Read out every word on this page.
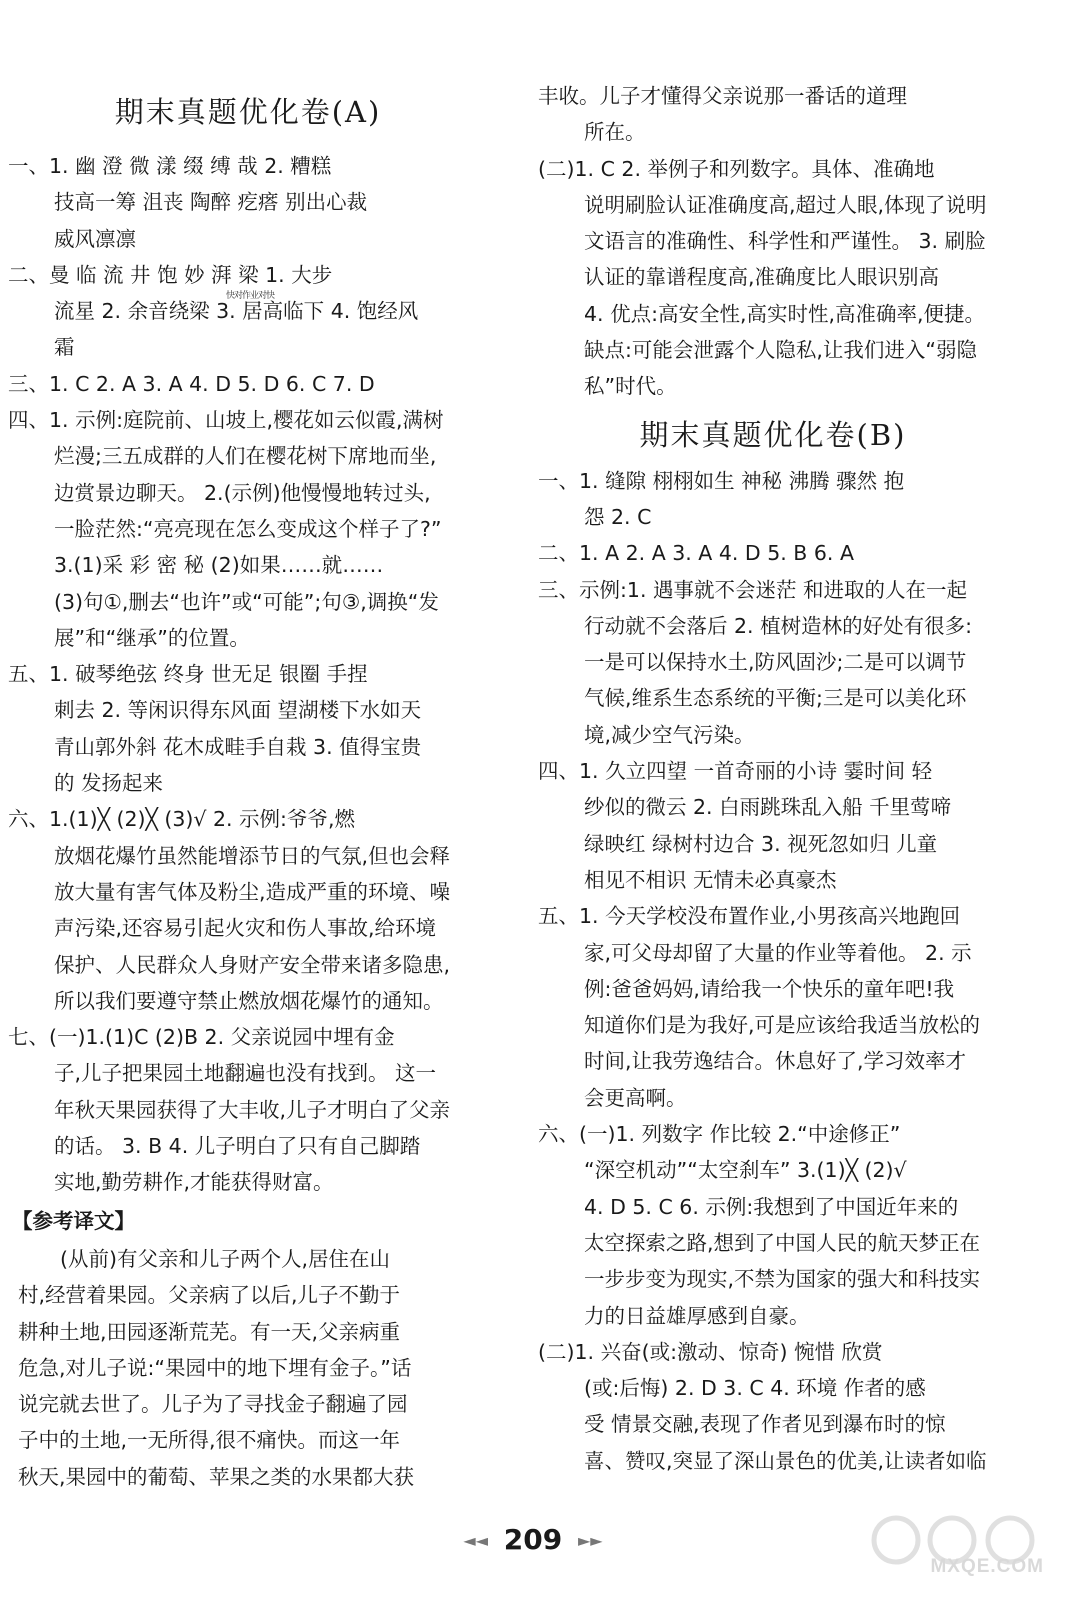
期末真题优化卷(A)
一、1. 幽 澄 微 漾 缀 缚 哉 2. 糟糕
技高一筹 沮丧 陶醉 疙瘩 别出心裁
威风凛凛
二、曼 临 流 井 饱 妙 湃 梁 1. 大步
流星 2. 余音绕梁 3. 居高临下 4. 饱经风
霜
三、1. C 2. A 3. A 4. D 5. D 6. C 7. D
四、1. 示例:庭院前、山坡上,樱花如云似霞,满树
烂漫;三五成群的人们在樱花树下席地而坐,
边赏景边聊天。 2.(示例)他慢慢地转过头,
一脸茫然:“亮亮现在怎么变成这个样子了?”
3.(1)采 彩 密 秘 (2)如果……就……
(3)句①,删去“也许”或“可能”;句③,调换“发
展”和“继承”的位置。
五、1. 破琴绝弦 终身 世无足 银圈 手捏
刺去 2. 等闲识得东风面 望湖楼下水如天
青山郭外斜 花木成畦手自栽 3. 值得宝贵
的 发扬起来
六、1.(1)╳ (2)╳ (3)√ 2. 示例:爷爷,燃
放烟花爆竹虽然能增添节日的气氛,但也会释
放大量有害气体及粉尘,造成严重的环境、噪
声污染,还容易引起火灾和伤人事故,给环境
保护、人民群众人身财产安全带来诸多隐患,
所以我们要遵守禁止燃放烟花爆竹的通知。
七、(一)1.(1)C (2)B 2. 父亲说园中埋有金
子,儿子把果园土地翻遍也没有找到。 这一
年秋天果园获得了大丰收,儿子才明白了父亲
的话。 3. B 4. 儿子明白了只有自己脚踏
实地,勤劳耕作,才能获得财富。
【参考译文】
(从前)有父亲和儿子两个人,居住在山
村,经营着果园。父亲病了以后,儿子不勤于
耕种土地,田园逐渐荒芜。有一天,父亲病重
危急,对儿子说:“果园中的地下埋有金子。”话
说完就去世了。儿子为了寻找金子翻遍了园
子中的土地,一无所得,很不痛快。而这一年
秋天,果园中的葡萄、苹果之类的水果都大获
快对作业对快
丰收。儿子才懂得父亲说那一番话的道理
所在。
(二)1. C 2. 举例子和列数字。具体、准确地
说明刷脸认证准确度高,超过人眼,体现了说明
文语言的准确性、科学性和严谨性。 3. 刷脸
认证的靠谱程度高,准确度比人眼识别高
4. 优点:高安全性,高实时性,高准确率,便捷。
缺点:可能会泄露个人隐私,让我们进入“弱隐
私”时代。
期末真题优化卷(B)
一、1. 缝隙 栩栩如生 神秘 沸腾 骤然 抱
怨 2. C
二、1. A 2. A 3. A 4. D 5. B 6. A
三、示例:1. 遇事就不会迷茫 和进取的人在一起
行动就不会落后 2. 植树造林的好处有很多:
一是可以保持水土,防风固沙;二是可以调节
气候,维系生态系统的平衡;三是可以美化环
境,减少空气污染。
四、1. 久立四望 一首奇丽的小诗 霎时间 轻
纱似的微云 2. 白雨跳珠乱入船 千里莺啼
绿映红 绿树村边合 3. 视死忽如归 儿童
相见不相识 无情未必真豪杰
五、1. 今天学校没布置作业,小男孩高兴地跑回
家,可父母却留了大量的作业等着他。 2. 示
例:爸爸妈妈,请给我一个快乐的童年吧!我
知道你们是为我好,可是应该给我适当放松的
时间,让我劳逸结合。休息好了,学习效率才
会更高啊。
六、(一)1. 列数字 作比较 2.“中途修正”
“深空机动”“太空刹车” 3.(1)╳ (2)√
4. D 5. C 6. 示例:我想到了中国近年来的
太空探索之路,想到了中国人民的航天梦正在
一步步变为现实,不禁为国家的强大和科技实
力的日益雄厚感到自豪。
(二)1. 兴奋(或:激动、惊奇) 惋惜 欣赏
(或:后悔) 2. D 3. C 4. 环境 作者的感
受 情景交融,表现了作者见到瀑布时的惊
喜、赞叹,突显了深山景色的优美,让读者如临
◄◄ 209 ►►
MXQE.COM
